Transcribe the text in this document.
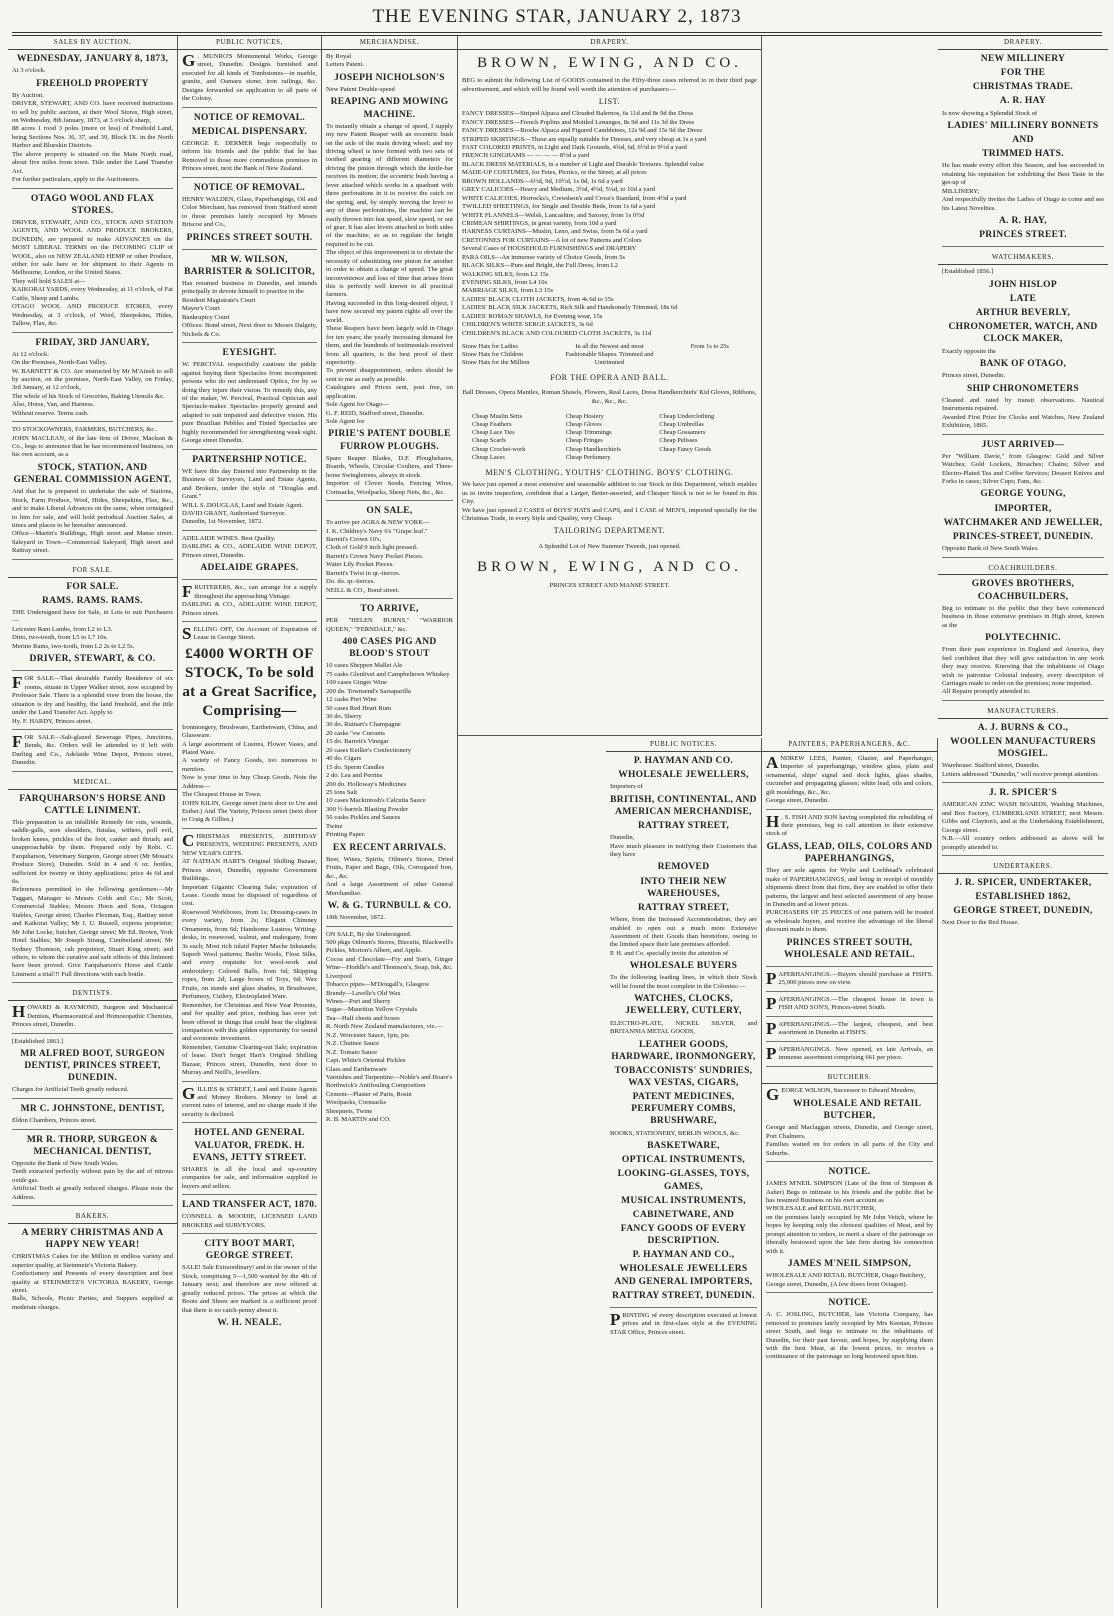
THE EVENING STAR, JANUARY 2, 1873
SALES BY AUCTION.
WEDNESDAY, JANUARY 8, 1873,
At 3 o'clock.
FREEHOLD PROPERTY
By Auction.
DRIVER, STEWART, AND CO. have received instructions to sell by public auction, at their Wool Stores, High street, on Wednesday, 8th January, 1873, at 3 o'clock sharp,
88 acres 1 rood 3 poles (more or less) of Freehold Land, being Sections Nos. 36, 37, and 39, Block IX. in the North Harbor and Blueskin Districts.
The above property is situated on the Main North road, about five miles from town. Title under the Land Transfer Act.
For further particulars, apply to the Auctioneers.
OTAGO WOOL AND FLAX STORES.
DRIVER, STEWART, AND CO., STOCK AND STATION AGENTS, AND WOOL AND PRODUCE BROKERS, DUNEDIN, are prepared to make ADVANCES on the MOST LIBERAL TERMS on the INCOMING CLIP of WOOL, also on NEW ZEALAND HEMP or other Produce, either for sale here or for shipment to their Agents in Melbourne, London, or the United States.
They will hold SALES at—
KAIKORAI YARDS, every Wednesday, at 11 o'clock, of Fat Cattle, Sheep and Lambs.
OTAGO WOOL AND PRODUCE STORES, every Wednesday, at 3 o'clock, of Wool, Sheepskins, Hides, Tallow, Flax, &c.
FRIDAY, 3RD JANUARY,
At 12 o'clock.
On the Premises, North-East Valley.
W. BARNETT & CO. Are instructed by Mr M'Ainsh to sell by auction, on the premises, North-East Valley, on Friday, 3rd January, at 12 o'clock,
The whole of his Stock of Groceries, Baking Utensils &c.
Also, Horse, Van, and Harness.
Without reserve. Terms cash.
TO STOCKOWNERS, FARMERS, BUTCHERS, &c.
JOHN MACLEAN, of the late firm of Driver, Maclean & Co., begs to announce that he has recommenced business, on his own account, as a
STOCK, STATION, AND GENERAL COMMISSION AGENT.
And that he is prepared to undertake the sale of Stations, Stock, Farm Produce, Wool, Hides, Sheepskins, Flax, &c., and to make Liberal Advances on the same, when consigned to him for sale, and will hold periodical Auction Sales, at times and places to be hereafter announced.
Office—Martin's Buildings, High street and Manse street. Saleyard in Town—Commercial Saleyard, High street and Rattray street.
FOR SALE.
FOR SALE.
RAMS. RAMS. RAMS.
THE Undersigned have for Sale, in Lots to suit Purchasers—
Leicester Ram Lambs, from L2 to L3.
Ditto, two-tooth, from L5 to L7 10s.
Merino Rams, two-tooth, from L2 2s to L2 5s.
DRIVER, STEWART, & CO.

FOR SALE—That desirable Family Residence of six rooms, situate in Upper Walker street, now occupied by Professor Sale. There is a splendid view from the house, the situation is dry and healthy, the land freehold, and the title under the Land Transfer Act. Apply to

Hy. F. HARDY, Princes street.

FOR SALE—Salt-glazed Sewerage Pipes, Junctions, Bends, &c. Orders will be attended to if left with Darling and Co., Adelaide Wine Depot, Princes street, Dunedin.

MEDICAL.
FARQUHARSON'S HORSE AND CATTLE LINIMENT.
This preparation is an infallible Remedy for cuts, wounds, saddle-galls, sore shoulders, fistulas, withers, poll evil, broken knees, prickles of the foot, canker and thrush; and unapproachable by them. Prepared only by Robt. C. Farquharson, Veterinary Surgeon, George street (Mr Mouat's Produce Store), Dunedin. Sold in 4 and 6 oz. bottles, sufficient for twenty or thirty applications; price 4s 6d and 6s.
References permitted to the following gentlemen:—Mr Taggart, Manager to Messrs Cobb and Co.; Mr Scott, Commercial Stables; Messrs Hoon and Sons, Octagon Stables, George street; Charles Flexman, Esq., Rattray street and Kaikorai Valley; Mr J. U. Russell, express proprietor; Mr John Locke, butcher, George street; Mr Ed. Brown, York Hotel Stables; Mr Joseph Strang, Cumberland street; Mr Sydney Thomson, cab proprietor, Stuart King street; and others, to whom the curative and safe effects of this liniment have been proved. Give Farquharson's Horse and Cattle Liniment a trial!!! Full directions with each bottle.
DENTISTS.

HOWARD & RAYMOND, Surgeon and Mechanical Dentists, Pharmaceutical and Homoeopathic Chemists, Princes street, Dunedin.

[Established 1863.]
MR ALFRED BOOT, SURGEON DENTIST, PRINCES STREET, DUNEDIN.
Charges for Artificial Teeth greatly reduced.
MR C. JOHNSTONE, DENTIST,
Eldon Chambers, Princes street.
MR R. THORP, SURGEON & MECHANICAL DENTIST,
Opposite the Bank of New South Wales.
Teeth extracted perfectly without pain by the aid of nitrous oxide gas.
Artificial Teeth at greatly reduced charges. Please note the Address.
BAKERS.
A MERRY CHRISTMAS AND A HAPPY NEW YEAR!
CHRISTMAS Cakes for the Million in endless variety and superior quality, at Steinmetz's Victoria Bakery.
Confectionery and Presents of every description and best quality at STEINMETZ'S VICTORIA BAKERY, George street.
Balls, Schools, Picnic Parties, and Suppers supplied at moderate charges.
PUBLIC NOTICES.

G . MUNRO'S Monumental Works, George street, Dunedin. Designs furnished and executed for all kinds of Tombstones—in marble, granite, and Oamaru stone; iron railings, &c. Designs forwarded on application to all parts of the Colony.

NOTICE OF REMOVAL.
MEDICAL DISPENSARY.
GEORGE E. DERMER begs respectfully to inform his friends and the public that he has Removed to those more commodious premises in Princes street, next the Bank of New Zealand.
NOTICE OF REMOVAL.
HENRY WALDEN, Glass, Paperhangings, Oil and Color Merchant, has removed from Stafford street to those premises lately occupied by Messrs Briscoe and Co.,
PRINCES STREET SOUTH.
MR W. WILSON, BARRISTER & SOLICITOR,
Has resumed business in Dunedin, and intends principally to devote himself to practice in the
Resident Magistrate's Court
Mayor's Court
Bankruptcy Court
Offices: Bond street, Next door to Messrs Dalgety, Nichols & Co.
EYESIGHT.
W. PERCIVAL respectfully cautions the public against buying their Spectacles from incompetent persons who do not understand Optics, for by so doing they injure their vision. To remedy this, any of the maker, W. Percival, Practical Optician and Spectacle-maker. Spectacles properly ground and adapted to suit impaired and defective vision. His pure Brazilian Pebbles and Tinted Spectacles are highly recommended for strengthening weak sight. George street Dunedin.
PARTNERSHIP NOTICE.
WE have this day Entered into Partnership in the Business of Surveyors, Land and Estate Agents, and Brokers, under the style of "Douglas and Grant."
WILL S. DOUGLAS, Land and Estate Agent.
DAVID GRANT, Authorised Surveyor.
Dunedin, 1st November, 1872.
ADELAIDE WINES. Best Quality.
DARLING & CO., ADELAIDE WINE DEPOT, Princes street, Dunedin.
ADELAIDE GRAPES.

FRUITERERS, &c., can arrange for a supply throughout the approaching Vintage.

DARLING & CO., ADELAIDE WINE DEPOT, Princes street.

SELLING OFF, On Account of Expiration of Lease in George Street.

£4000 WORTH OF STOCK, To be sold at a Great Sacrifice, Comprising—
Ironmongery, Brushware, Earthenware, China, and Glassware.
A large assortment of Lustres, Flower Vases, and Plated Ware.
A variety of Fancy Goods, too numerous to mention.
Now is your time to buy Cheap Goods. Note the Address—
The Cheapest House in Town.
JOHN KILIN, George street (next door to Ure and Esther.) And The Variety, Princes street (next door to Craig & Gillies.)

CHRISTMAS PRESENTS, BIRTHDAY PRESENTS, WEDDING PRESENTS, AND NEW YEAR'S GIFTS.

AT NATHAN HART'S Original Shilling Bazaar, Princes street, Dunedin, opposite Government Buildings.
Important Gigantic Clearing Sale; expiration of Lease. Goods must be disposed of regardless of cost.
Rosewood Workboxes, from 1s; Dressing-cases in every variety, from 2s; Elegant Chimney Ornaments, from 6d; Handsome Lustres; Writing-desks, in rosewood, walnut, and mahogany, from 3s each; Most rich inlaid Papier Mache Inkstands; Superb Wool patterns; Berlin Wools, Floss Silks, and every requisite for wool-work and embroidery; Colored Balls, from 6d; Skipping ropes, from 2d; Large boxes of Toys, 6d; Wax Fruits, on stands and glass shades, in Brushware, Perfumery, Cutlery, Electroplated Ware.
Remember, for Christmas and New Year Presents, and for quality and price, nothing has ever yet been offered in things that could bear the slightest comparison with this golden opportunity for sound and economic investment.
Remember, Genuine Clearing-out Sale; expiration of lease. Don't forget Hart's Original Shilling Bazaar, Princes street, Dunedin, next door to Murray and Neill's, Jewellers.

GILLIES & STREET, Land and Estate Agents and Money Brokers. Money to lend at current rates of interest, and no charge made if the security is declined.

HOTEL AND GENERAL VALUATOR, FREDK. H. EVANS, JETTY STREET.
SHARES in all the local and up-country companies for sale, and information supplied to buyers and sellers.
LAND TRANSFER ACT, 1870.
CONNELL & MOODIE, LICENSED LAND BROKERS and SURVEYORS.
CITY BOOT MART, GEORGE STREET.
SALE! Sale Extraordinary! and to the owner of the Stock, comprising 5—1,500 wanted by the 4th of January next; and therefore are now offered at greatly reduced prices. The prices at which the Boots and Shoes are marked is a sufficient proof that there is no catch-penny about it.
W. H. NEALE.
MERCHANDISE.
By Royal
Letters Patent.
JOSEPH NICHOLSON'S
New Patent Double-speed
REAPING AND MOWING MACHINE.
To instantly obtain a change of speed, I supply my new Patent Reaper with an eccentric bush on the axle of the main driving wheel; and my driving wheel is now formed with two sets of toothed gearing of different diameters for driving the pinion through which the knife-bar receives its motion; the eccentric bush having a lever attached which works in a quadrant with three perforations in it to receive the catch on the spring, and, by simply moving the lever to any of these perforations, the machine can be easily thrown into fast speed, slow speed, or out of gear. It has also levers attached to both sides of the machine, so as to regulate the height required to be cut.
The object of this improvement is to obviate the necessity of substituting one pinion for another in order to obtain a change of speed. The great inconvenience and loss of time that arises from this is perfectly well known to all practical farmers.
Having succeeded in this long-desired object, I have now secured my patent rights all over the world.
These Reapers have been largely sold in Otago for ten years; the yearly increasing demand for them, and the hundreds of testimonials received from all quarters, is the best proof of their superiority.
To prevent disappointment, orders should be sent to me as early as possible.
Catalogues and Prices sent, post free, on application.
Sole Agent for Otago—
G. F. REID, Stafford street, Dunedin.
Sole Agent for
PIRIE'S PATENT DOUBLE FURROW PLOUGHS.
Spare Reaper Blades, D.F. Ploughshares, Boards, Wheels, Circular Coulters, and Three-horse Swingletrees, always in stock.
Importer of Clover Seeds, Fencing Wires, Cornsacks, Woolpacks, Sheep Nets, &c., &c.
ON SALE,
To arrive per AGRA & NEW YORK—
J. K. Childrey's Navy 6's "Grape leaf."
Barrett's Crown 10's.
Cloth of Gold 9 inch light pressed.
Barrett's Crown Navy Pocket Pieces.
Water Lily Pocket Pieces.
Barrett's Twist in qr.-tierces.
Do. do. qr.-tierces.
NEILL & CO., Bond street.
TO ARRIVE,
PER "HELEN BURNS," "WARRIOR QUEEN," "FERNDALE," &c.
400 CASES PIG AND BLOOD'S STOUT
10 cases Sheppen Mallet Ale
75 casks Glenlivet and Campbeltown Whiskey
100 cases Ginger Wine
200 do. Townsend's Sarsaparilla
12 casks Port Wine
50 cases Red Heart Rum
30 do. Sherry
30 do. Ruinart's Champagne
20 casks "ew Currants
15 do. Barrett's Vinegar
20 cases Keiller's Confectionery
40 do. Cigars
15 do. Sperm Candles
2 do. Lea and Perrins
200 do. Holloway's Medicines
25 tons Salt
10 cases Mackintosh's Calcutta Sauce
300 ½-barrels Blasting Powder
50 casks Pickles and Sauces
Twine
Printing Paper.
EX RECENT ARRIVALS.
Beer, Wines, Spirits, Oilmen's Stores, Dried Fruits, Paper and Bags, Oils, Corrugated Iron, &c., &c.
And a large Assortment of other General Merchandise.
W. & G. TURNBULL & CO.
18th November, 1872.
ON SALE, By the Undersigned.
500 pkgs Oilmen's Stores, Biscuits, Blackwell's Pickles, Morton's Albert, and Apple.
Cocoa and Chocolate—Fry and Son's, Ginger Wine—Hoddle's and Thomson's, Soap, Ink, &c.
Liverpool
Tobacco pipes—M'Dougall's, Glasgow
Brandy—Lavelle's Old Wax
Wines—Port and Sherry
Sugar—Mauritius Yellow Crystals
Tea—Half chests and boxes
R. North New Zealand manufactures, viz.—
N.Z. Worcester Sauce, 1pts, pts
N.Z. Chutnee Sauce
N.Z. Tomato Sauce
Capt. White's Oriental Pickles
Glass and Earthenware
Varnishes and Turpentine—Noble's and Hoare's
Borthwick's Antifouling Composition
Cement—Plaster of Paris, Rosin
Woolpacks, Cornsacks
Sheepnets, Twine
R. B. MARTIN and CO.
DRAPERY.
BROWN, EWING, AND CO.

BEG to submit the following List of GOODS contained in the Fifty-three cases referred to in their third page advertisement, and which will be found well worth the attention of purchasers:—

LIST.
FANCY DRESSES—Striped Alpaca and Clouded Balernos, 6s 11d and 8s 9d the Dress
FANCY DRESSES—French Poplins and Mottled Lenanges, 8s 9d and 11s 3d the Dress
FANCY DRESSES—Broche Alpaca and Figured Cambletees, 12s 9d and 15s 9d the Dress
STRIPED SKIRTINGS—These are equally suitable for Dresses, and very cheap at 1s a yard
FAST COLORED PRINTS, in Light and Dark Grounds, 4¾d, 6d, 6½d to 9½d a yard
FRENCH GINGHAMS — — — — 8½d a yard
BLACK DRESS MATERIALS, in a number of Light and Durable Textures. Splendid value
MADE-UP COSTUMES, for Fetes, Picnics, or the Street, at all prices
BROWN HOLLANDS—6½d, 9d, 10½d, 1s 0d, 1s 6d a yard
GREY CALICOES—Heavy and Medium, 3½d, 4½d, 5¼d, to 10d a yard
WHITE CALICOES. Horrocks's, Crewdson's and Cross's Standard, from 4½d a yard
TWILLED SHEETINGS, for Single and Double Beds, from 1s 6d a yard
WHITE FLANNELS—Welsh, Lancashire, and Saxony, from 1s 0½d
CRIMEAN SHIRTINGS, in great variety, from 10d a yard
HARNESS CURTAINS—Muslin, Leno, and Swiss, from 5s 6d a yard
CRETONNES FOR CURTAINS—A lot of new Patterns and Colors
Several Cases of HOUSEHOLD FURNISHINGS and DRAPERY
PARA OILS—An immense variety of Choice Goods, from 5s
BLACK SILKS—Pure and Bright, the Full Dress, from L2
WALKING SILKS, from L2 15s
EVENING SILKS, from L4 10s
MARRIAGE SILKS, from L3 15s
LADIES' BLACK CLOTH JACKETS, from 4s 6d to 35s
LADIES' BLACK SILK JACKETS, Rich Silk and Handsomely Trimmed, 18s 6d
LADIES' ROMAN SHAWLS, for Evening wear, 15s
CHILDREN'S WHITE SERGE JACKETS, 3s 6d
CHILDREN'S BLACK AND COLOURED CLOTH JACKETS, 3s 11d
Straw Hats for Ladies
Straw Hats for Children
Straw Hats for the Million
In all the Newest and most Fashionable Shapes. Trimmed and Untrimmed
From 1s to 25s
FOR THE OPERA AND BALL.

Ball Dresses, Opera Mantles, Roman Shawls, Flowers, Real Laces, Dress Handkerchiefs' Kid Gloves, Ribbons, &c., &c., &c.

Cheap Muslin Setts
Cheap Feathers
Cheap Lace Ties
Cheap Scarfs
Cheap Crochet-work
Cheap Laces
Cheap Hosiery
Cheap Gloves
Cheap Trimmings
Cheap Fringes
Cheap Handkerchiefs
Cheap Perfumery
Cheap Underclothing
Cheap Umbrellas
Cheap Gossamers
Cheap Pelisses
Cheap Fancy Goods
MEN'S CLOTHING. YOUTHS' CLOTHING. BOYS' CLOTHING.

We have just opened a most extensive and seasonable addition to our Stock in this Department, which enables us to invite inspection, confident that a Larger, Better-assorted, and Cheaper Stock is not to be found in this City.

We have just opened 2 CASES of BOYS' HATS and CAPS, and 1 CASE of MEN'S, imported specially for the Christmas Trade, in every Style and Quality, very Cheap.

TAILORING DEPARTMENT.

A Splendid Lot of New Summer Tweeds, just opened.

BROWN, EWING, AND CO.
PRINCES STREET AND MANSE STREET.
PUBLIC NOTICES.
P. HAYMAN AND CO.
WHOLESALE JEWELLERS,
Importers of
BRITISH, CONTINENTAL, AND AMERICAN MERCHANDISE,
RATTRAY STREET,
Dunedin,
Have much pleasure in notifying their Customers that they have
REMOVED
INTO THEIR NEW WAREHOUSES,
RATTRAY STREET,
Where, from the Increased Accommodation, they are enabled to open out a much more Extensive Assortment of their Goods than heretofore, owing to the limited space their late premises afforded.
P. H. and Co. specially invite the attention of
WHOLESALE BUYERS
To the following leading lines, in which their Stock will be found the most complete in the Colonies:—
WATCHES, CLOCKS, JEWELLERY, CUTLERY,
ELECTRO-PLATE, NICKEL SILVER, and BRITANNIA METAL GOODS,
LEATHER GOODS, HARDWARE, IRONMONGERY,
TOBACCONISTS' SUNDRIES, WAX VESTAS, CIGARS,
PATENT MEDICINES, PERFUMERY COMBS, BRUSHWARE,
BOOKS, STATIONERY, BERLIN WOOLS, &c.
BASKETWARE,
OPTICAL INSTRUMENTS,
LOOKING-GLASSES, TOYS, GAMES,
MUSICAL INSTRUMENTS,
CABINETWARE, AND
FANCY GOODS OF EVERY DESCRIPTION.
P. HAYMAN AND CO.,
WHOLESALE JEWELLERS AND GENERAL IMPORTERS,
RATTRAY STREET, DUNEDIN.

PRINTING of every description executed at lowest prices and in first-class style at the EVENING STAR Office, Princes street.

PAINTERS, PAPERHANGERS, &C.

ANDREW LEES, Painter, Glazier, and Paperhanger, Importer of paperhangings, window glass, plain and ornamental, ships' signal and dock lights, glass shades, cucumber and propagating glasses; white lead, oils and colors, gilt mouldings, &c., &c.

George street, Dunedin.

H . S. FISH AND SON having completed the rebuilding of their premises, beg to call attention to their extensive stock of

GLASS, LEAD, OILS, COLORS AND PAPERHANGINGS,
They are sole agents for Wylie and Lochhead's celebrated make of PAPERHANGINGS, and being in receipt of monthly shipments direct from that firm, they are enabled to offer their patterns, the largest and best selected assortment of any house in Dunedin and at lower prices.
PURCHASERS OF 25 PIECES of one pattern will be treated as wholesale buyers, and receive the advantage of the liberal discount made to them.
PRINCES STREET SOUTH, WHOLESALE AND RETAIL.

PAPERHANGINGS.—Buyers should purchase at FISH'S. 25,000 pieces now on view.

PAPERHANGINGS.—The cheapest house in town is FISH AND SON'S, Princes-street South.

PAPERHANGINGS.—The largest, cheapest, and best assortment in Dunedin at FISH'S.

PAPERHANGINGS. Now opened, ex late Arrivals, an immense assortment comprising 661 per piece.

BUTCHERS.

GEORGE WILSON, Successor to Edward Meudow,

WHOLESALE AND RETAIL BUTCHER,
George and Maclaggan streets, Dunedin, and George street, Port Chalmers.
Families waited on for orders in all parts of the City and Suburbs.
NOTICE.
JAMES M'NEIL SIMPSON (Late of the firm of Simpson & Asher) Begs to intimate to his friends and the public that he has resumed Business on his own account as
WHOLESALE and RETAIL BUTCHER,
on the premises lately occupied by Mr John Veitch, where he hopes by keeping only the choicest qualities of Meat, and by prompt attention to orders, to merit a share of the patronage so liberally bestowed upon the late firm during his connection with it.
JAMES M'NEIL SIMPSON,
WHOLESALE AND RETAIL BUTCHER, Otago Butchery,
George street, Dunedin, (A few doors from Octagon).
NOTICE.
A. C. JOSLING, BUTCHER, late Victoria Company, has removed to premises lately occupied by Mrs Keenan, Princes street South, and begs to intimate to the inhabitants of Dunedin, for their past favour, and hopes, by supplying them with the best Meat, at the lowest prices, to receive a continuance of the patronage so long bestowed upon him.
DRAPERY.
NEW MILLINERY
FOR THE
CHRISTMAS TRADE.
A. R. HAY
Is now showing a Splendid Stock of
LADIES' MILLINERY BONNETS
AND
TRIMMED HATS.
He has made every effort this Season, and has succeeded in retaining his reputation for exhibiting the Best Taste in the get-up of
MILLINERY;
And respectfully invites the Ladies of Otago to come and see his Latest Novelties.
A. R. HAY,
PRINCES STREET.
WATCHMAKERS.
[Established 1856.]
JOHN HISLOP
LATE
ARTHUR BEVERLY,
CHRONOMETER, WATCH, AND CLOCK MAKER,
Exactly opposite the
BANK OF OTAGO,
Princes street, Dunedin.
SHIP CHRONOMETERS
Cleaned and rated by transit observations. Nautical Instruments repaired.
Awarded First Prize for Clocks and Watches, New Zealand Exhibition, 1865.
JUST ARRIVED—
Per "William Davie," from Glasgow: Gold and Silver Watches; Gold Lockets, Broaches; Chains; Silver and Electro-Plated Tea and Coffee Services; Dessert Knives and Forks in cases; Silver Cups; Fans, &c.
GEORGE YOUNG,
IMPORTER,
WATCHMAKER AND JEWELLER,
PRINCES-STREET, DUNEDIN.
Opposite Bank of New South Wales.
COACHBUILDERS.
GROVES BROTHERS, COACHBUILDERS,
Beg to intimate to the public that they have commenced business in those extensive premises in High street, known as the
POLYTECHNIC.
From their past experience in England and America, they feel confident that they will give satisfaction in any work they may receive. Knowing that the inhabitants of Otago wish to patronise Colonial industry, every description of Carriages made to order on the premises; none imported.
All Repairs promptly attended to.
MANUFACTURERS.
A. J. BURNS & CO.,
WOOLLEN MANUFACTURERS MOSGIEL.
Warehouse: Stafford street, Dunedin.
Letters addressed "Dunedin," will receive prompt attention.
J. R. SPICER'S
AMERICAN ZINC WASH BOARDS, Washing Machines, and Box Factory, CUMBERLAND STREET, next Messrs. Gibbs and Clayton's, and at the Undertaking Establishment, George street.
N.B.—All country orders addressed as above will be promptly attended to.
UNDERTAKERS.
J. R. SPICER, UNDERTAKER,
ESTABLISHED 1862,
GEORGE STREET, DUNEDIN,
Next Door to the Red House.
